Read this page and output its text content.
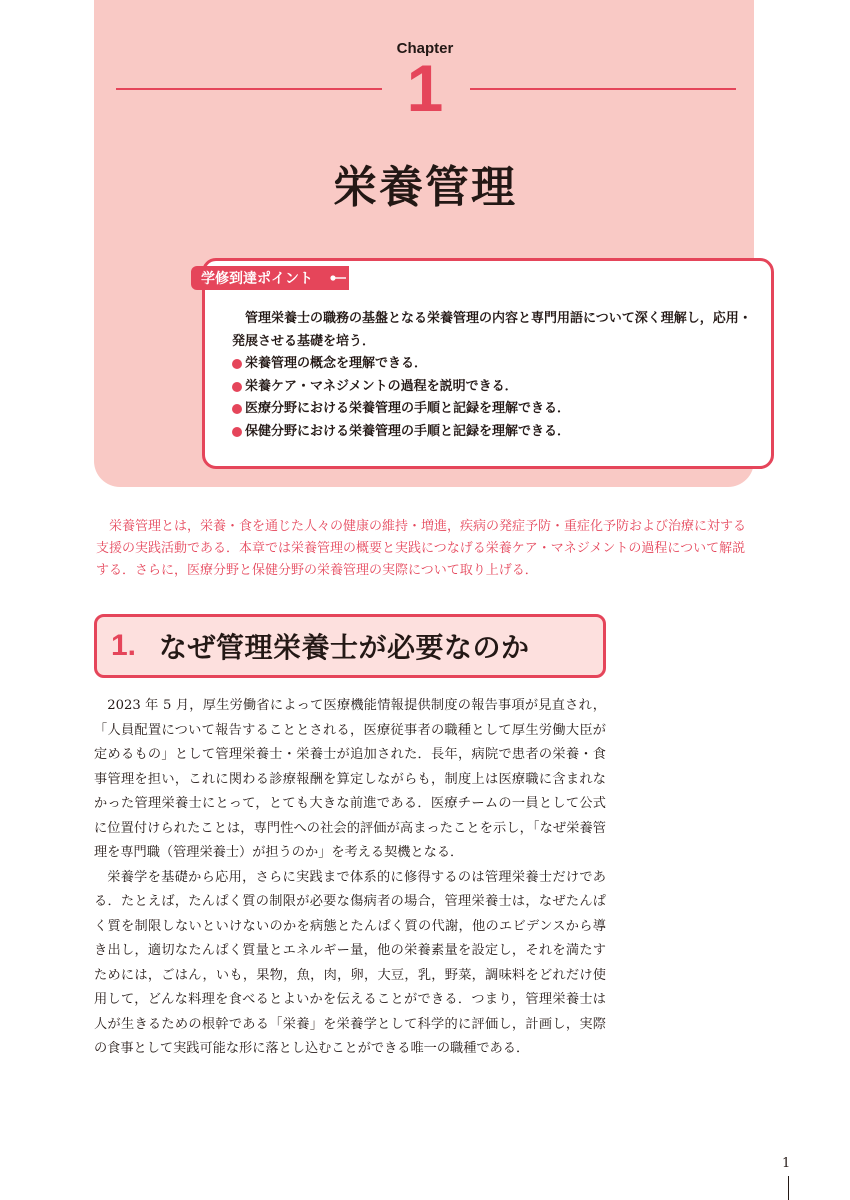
Chapter
1
栄養管理
学修到達ポイント
管理栄養士の職務の基盤となる栄養管理の内容と専門用語について深く理解し，応用・発展させる基礎を培う．
栄養管理の概念を理解できる．
栄養ケア・マネジメントの過程を説明できる．
医療分野における栄養管理の手順と記録を理解できる．
保健分野における栄養管理の手順と記録を理解できる．
栄養管理とは，栄養・食を通じた人々の健康の維持・増進，疾病の発症予防・重症化予防および治療に対する支援の実践活動である．本章では栄養管理の概要と実践につなげる栄養ケア・マネジメントの過程について解説する．さらに，医療分野と保健分野の栄養管理の実際について取り上げる．
1. なぜ管理栄養士が必要なのか

2023 年 5 月，厚生労働省によって医療機能情報提供制度の報告事項が見直され，「人員配置について報告することとされる，医療従事者の職種として厚生労働大臣が定めるもの」として管理栄養士・栄養士が追加された．長年，病院で患者の栄養・食事管理を担い，これに関わる診療報酬を算定しながらも，制度上は医療職に含まれなかった管理栄養士にとって，とても大きな前進である．医療チームの一員として公式に位置付けられたことは，専門性への社会的評価が高まったことを示し，「なぜ栄養管理を専門職（管理栄養士）が担うのか」を考える契機となる．

栄養学を基礎から応用，さらに実践まで体系的に修得するのは管理栄養士だけである．たとえば，たんぱく質の制限が必要な傷病者の場合，管理栄養士は，なぜたんぱく質を制限しないといけないのかを病態とたんぱく質の代謝，他のエビデンスから導き出し，適切なたんぱく質量とエネルギー量，他の栄養素量を設定し，それを満たすためには，ごはん，いも，果物，魚，肉，卵，大豆，乳，野菜，調味料をどれだけ使用して，どんな料理を食べるとよいかを伝えることができる．つまり，管理栄養士は人が生きるための根幹である「栄養」を栄養学として科学的に評価し，計画し，実際の食事として実践可能な形に落とし込むことができる唯一の職種である．

1
